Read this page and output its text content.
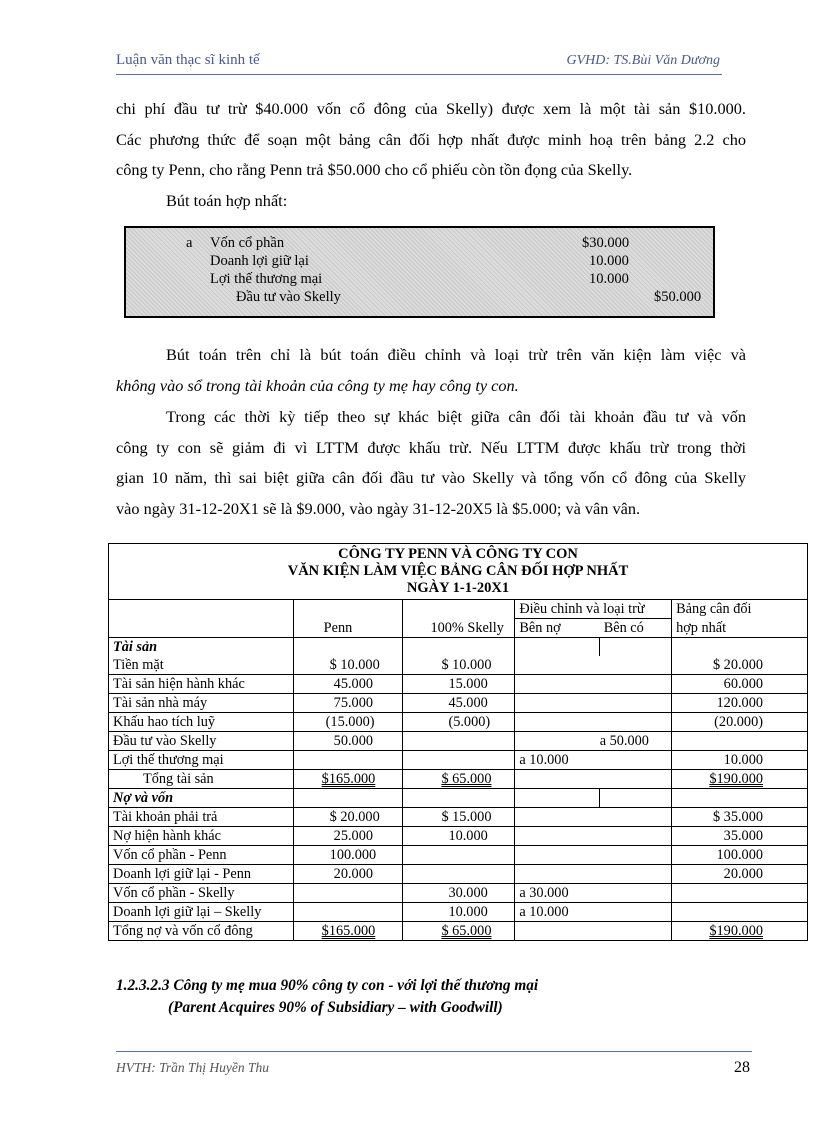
Luận văn thạc sĩ kinh tế	GVHD: TS.Bùi Văn Dương
chi phí đầu tư trừ $40.000 vốn cổ đông của Skelly) được xem là một tài sản $10.000.
Các phương thức để soạn một bảng cân đối hợp nhất được minh hoạ trên bảng 2.2 cho
công ty Penn, cho rằng Penn trả $50.000 cho cổ phiếu còn tồn đọng của Skelly.
Bút toán hợp nhất:
a Vốn cổ phần	$30.000
Doanh lợi giữ lại	10.000
Lợi thế thương mại	10.000
Đầu tư vào Skelly	$50.000
Bút toán trên chỉ là bút toán điều chỉnh và loại trừ trên văn kiện làm việc và
không vào sổ trong tài khoản của công ty mẹ hay công ty con.
Trong các thời kỳ tiếp theo sự khác biệt giữa cân đối tài khoản đầu tư và vốn
công ty con sẽ giảm đi vì LTTM được khấu trừ. Nếu LTTM được khấu trừ trong thời
gian 10 năm, thì sai biệt giữa cân đối đầu tư vào Skelly và tổng vốn cổ đông của Skelly
vào ngày 31-12-20X1 sẽ là $9.000, vào ngày 31-12-20X5 là $5.000; và vân vân.
CÔNG TY PENN VÀ CÔNG TY CON
VĂN KIỆN LÀM VIỆC BẢNG CÂN ĐỐI HỢP NHẤT
NGÀY 1-1-20X1					

			Điều chỉnh và loại trừ		Bảng cân đối
	Penn	100% Skelly	Bên nợ	Bên có	hợp nhất
Tài sản					
Tiền mặt	$ 10.000	$ 10.000			$ 20.000
Tài sản hiện hành khác	45.000	15.000			60.000
Tài sản nhà máy	75.000	45.000			120.000
Khấu hao tích luỹ	(15.000)	(5.000)			(20.000)
Đầu tư vào Skelly	50.000			a 50.000	
Lợi thế thương mại			a 10.000		10.000
Tổng tài sản	$165.000	$ 65.000			$190.000
Nợ và vốn					
Tài khoản phải trả	$ 20.000	$ 15.000			$ 35.000
Nợ hiện hành khác	25.000	10.000			35.000
Vốn cổ phần - Penn	100.000				100.000
Doanh lợi giữ lại - Penn	20.000				20.000
Vốn cổ phần - Skelly		30.000	a 30.000		
Doanh lợi giữ lại – Skelly		10.000	a 10.000		
Tổng nợ và vốn cổ đông	$165.000	$ 65.000			$190.000
1.2.3.2.3 Công ty mẹ mua 90% công ty con - với lợi thế thương mại
(Parent Acquires 90% of Subsidiary – with Goodwill)
HVTH: Trần Thị Huyền Thu	28
